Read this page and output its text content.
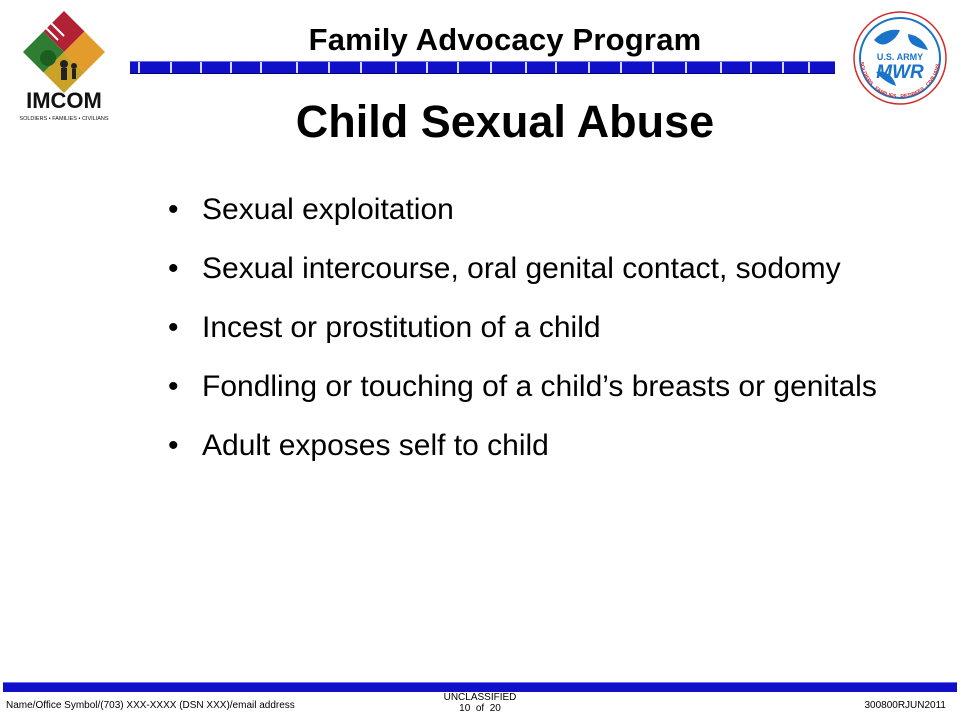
IMCOM
SOLDIERS • FAMILIES • CIVILIANS
U.S. ARMY
MWR
SOLDIERS . FAMILIES . RETIREES . CIVILIANS
Family Advocacy Program
Child Sexual Abuse
• Sexual exploitation
• Sexual intercourse, oral genital contact, sodomy
• Incest or prostitution of a child
• Fondling or touching of a child’s breasts or genitals
• Adult exposes self to child
Name/Office Symbol/(703) XXX-XXXX (DSN XXX)/email address
UNCLASSIFIED
10  of  20	300800RJUN2011
